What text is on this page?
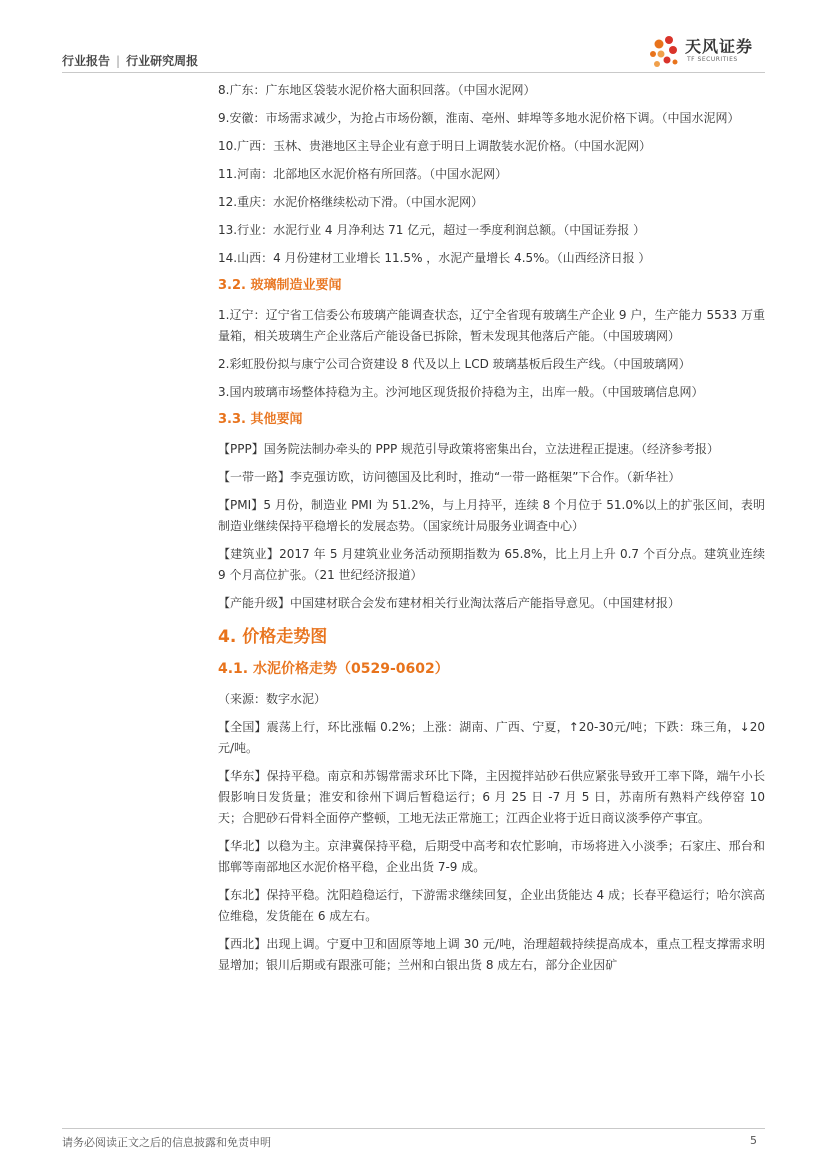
行业报告 | 行业研究周报
天风证券
TF SECURITIES

8.广东：广东地区袋装水泥价格大面积回落。（中国水泥网）

9.安徽：市场需求减少，为抢占市场份额，淮南、亳州、蚌埠等多地水泥价格下调。（中国水泥网）

10.广西：玉林、贵港地区主导企业有意于明日上调散装水泥价格。（中国水泥网）

11.河南：北部地区水泥价格有所回落。（中国水泥网）

12.重庆：水泥价格继续松动下滑。（中国水泥网）

13.行业：水泥行业 4 月净利达 71 亿元，超过一季度利润总额。（中国证券报 ）

14.山西：4 月份建材工业增长 11.5% ，水泥产量增长 4.5%。（山西经济日报 ）

3.2. 玻璃制造业要闻

1.辽宁：辽宁省工信委公布玻璃产能调查状态，辽宁全省现有玻璃生产企业 9 户，生产能力 5533 万重量箱，相关玻璃生产企业落后产能设备已拆除，暂未发现其他落后产能。（中国玻璃网）

2.彩虹股份拟与康宁公司合资建设 8 代及以上 LCD 玻璃基板后段生产线。（中国玻璃网）

3.国内玻璃市场整体持稳为主。沙河地区现货报价持稳为主，出库一般。（中国玻璃信息网）

3.3. 其他要闻

【PPP】国务院法制办牵头的 PPP 规范引导政策将密集出台，立法进程正提速。（经济参考报）

【一带一路】李克强访欧，访问德国及比利时，推动“一带一路框架”下合作。（新华社）

【PMI】5 月份，制造业 PMI 为 51.2%，与上月持平，连续 8 个月位于 51.0%以上的扩张区间，表明制造业继续保持平稳增长的发展态势。（国家统计局服务业调查中心）

【建筑业】2017 年 5 月建筑业业务活动预期指数为 65.8%，比上月上升 0.7 个百分点。建筑业连续 9 个月高位扩张。（21 世纪经济报道）

【产能升级】中国建材联合会发布建材相关行业淘汰落后产能指导意见。（中国建材报）

4. 价格走势图
4.1. 水泥价格走势（0529-0602）

（来源：数字水泥）

【全国】震荡上行，环比涨幅 0.2%；上涨：湖南、广西、宁夏，↑20-30元/吨；下跌：珠三角，↓20元/吨。

【华东】保持平稳。南京和苏锡常需求环比下降，主因搅拌站砂石供应紧张导致开工率下降，端午小长假影响日发货量；淮安和徐州下调后暂稳运行；6 月 25 日 -7 月 5 日，苏南所有熟料产线停窑 10 天；合肥砂石骨料全面停产整顿，工地无法正常施工；江西企业将于近日商议淡季停产事宜。

【华北】以稳为主。京津冀保持平稳，后期受中高考和农忙影响，市场将进入小淡季；石家庄、邢台和邯郸等南部地区水泥价格平稳，企业出货 7-9 成。

【东北】保持平稳。沈阳趋稳运行，下游需求继续回复，企业出货能达 4 成；长春平稳运行；哈尔滨高位维稳，发货能在 6 成左右。

【西北】出现上调。宁夏中卫和固原等地上调 30 元/吨，治理超载持续提高成本，重点工程支撑需求明显增加；银川后期或有跟涨可能；兰州和白银出货 8 成左右，部分企业因矿

请务必阅读正文之后的信息披露和免责申明	5
